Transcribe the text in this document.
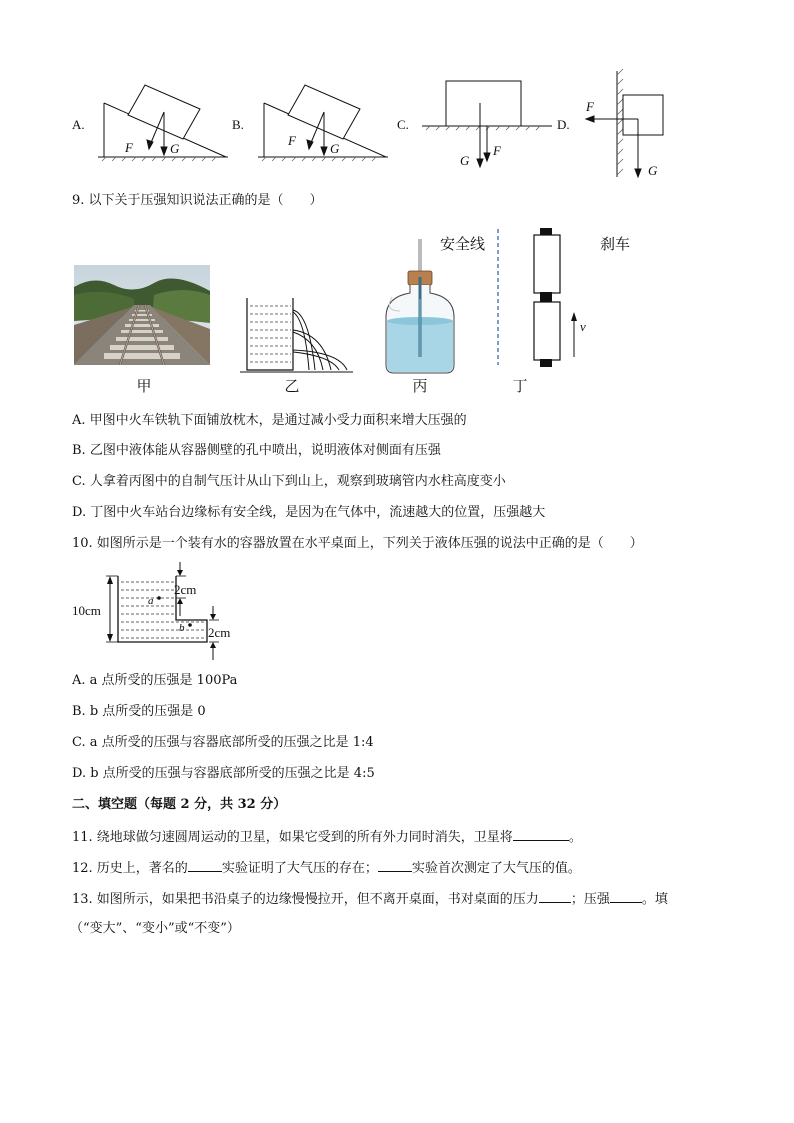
A.	B.	C.	D.
F	G
F
G
G
F
F
G
9. 以下关于压强知识说法正确的是（　　）
甲	乙	丙
安全线	刹车
v
丁
A. 甲图中火车铁轨下面铺放枕木，是通过减小受力面积来增大压强的
B. 乙图中液体能从容器侧壁的孔中喷出，说明液体对侧面有压强
C. 人拿着丙图中的自制气压计从山下到山上，观察到玻璃管内水柱高度变小
D. 丁图中火车站台边缘标有安全线，是因为在气体中，流速越大的位置，压强越大
10. 如图所示是一个装有水的容器放置在水平桌面上，下列关于液体压强的说法中正确的是（　　）
10cm
a
b
2cm
2cm
A. a 点所受的压强是 100Pa
B. b 点所受的压强是 0
C. a 点所受的压强与容器底部所受的压强之比是 1:4
D. b 点所受的压强与容器底部所受的压强之比是 4:5
二、填空题（每题 2 分，共 32 分）
11. 绕地球做匀速圆周运动的卫星，如果它受到的所有外力同时消失，卫星将	。
12. 历史上，著名的	实验证明了大气压的存在；	实验首次测定了大气压的值。
13. 如图所示，如果把书沿桌子的边缘慢慢拉开，但不离开桌面，书对桌面的压力 ；压强 。填
（“变大”、“变小”或“不变”）
